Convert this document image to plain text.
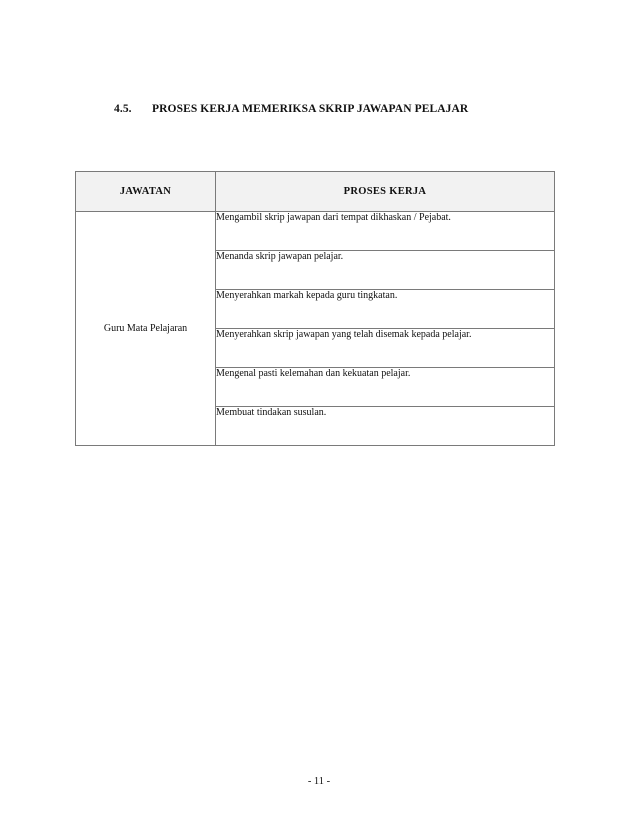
4.5. PROSES KERJA MEMERIKSA SKRIP JAWAPAN PELAJAR
JAWATAN	PROSES KERJA
Guru Mata Pelajaran	Mengambil skrip jawapan dari tempat dikhaskan / Pejabat.
	Menanda skrip jawapan pelajar.
	Menyerahkan markah kepada guru tingkatan.
	Menyerahkan skrip jawapan yang telah disemak kepada pelajar.
	Mengenal pasti kelemahan dan kekuatan pelajar.
	Membuat tindakan susulan.
- 11 -
